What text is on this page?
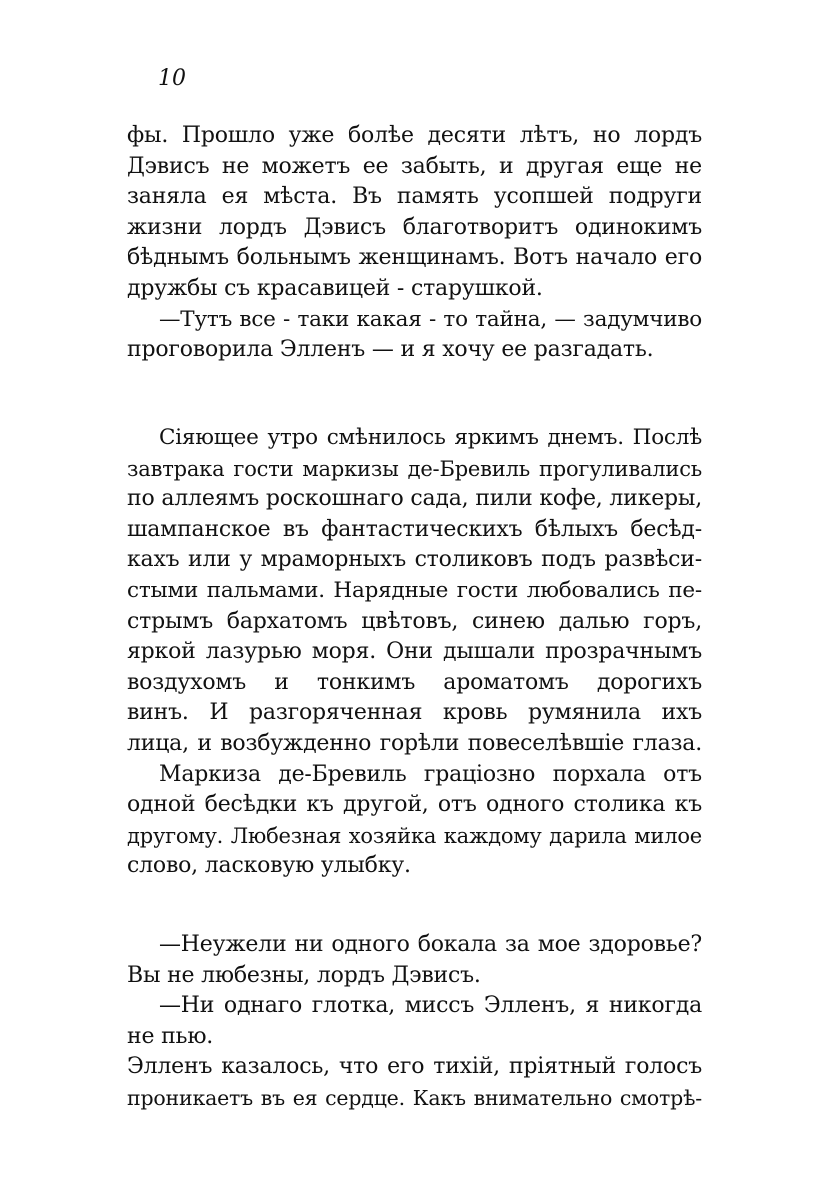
10
фы. Прошло уже болѣе десяти лѣтъ, но лордъ
Дэвисъ не можетъ ее забыть, и другая еще не
заняла ея мѣста. Въ память усопшей подруги
жизни лордъ Дэвисъ благотворитъ одинокимъ
бѣднымъ больнымъ женщинамъ. Вотъ начало его
дружбы съ красавицей - старушкой.
—Тутъ все - таки какая - то тайна, — задумчиво
проговорила Элленъ — и я хочу ее разгадать.
Сіяющее утро смѣнилось яркимъ днемъ. Послѣ
завтрака гости маркизы де-Бревиль прогуливались
по аллеямъ роскошнаго сада, пили кофе, ликеры,
шампанское въ фантастическихъ бѣлыхъ бесѣд-
кахъ или у мраморныхъ столиковъ подъ развѣси-
стыми пальмами. Нарядные гости любовались пе-
стрымъ бархатомъ цвѣтовъ, синею далью горъ,
яркой лазурью моря. Они дышали прозрачнымъ
воздухомъ и тонкимъ ароматомъ дорогихъ
винъ. И разгоряченная кровь румянила ихъ
лица, и возбужденно горѣли повеселѣвшіе глаза.
Маркиза де-Бревиль граціозно порхала отъ
одной бесѣдки къ другой, отъ одного столика къ
другому. Любезная хозяйка каждому дарила милое
слово, ласковую улыбку.
—Неужели ни одного бокала за мое здоровье?
Вы не любезны, лордъ Дэвисъ.
—Ни однаго глотка, миссъ Элленъ, я никогда
не пью.
Элленъ казалось, что его тихій, пріятный голосъ
проникаетъ въ ея сердце. Какъ внимательно смотрѣ-
